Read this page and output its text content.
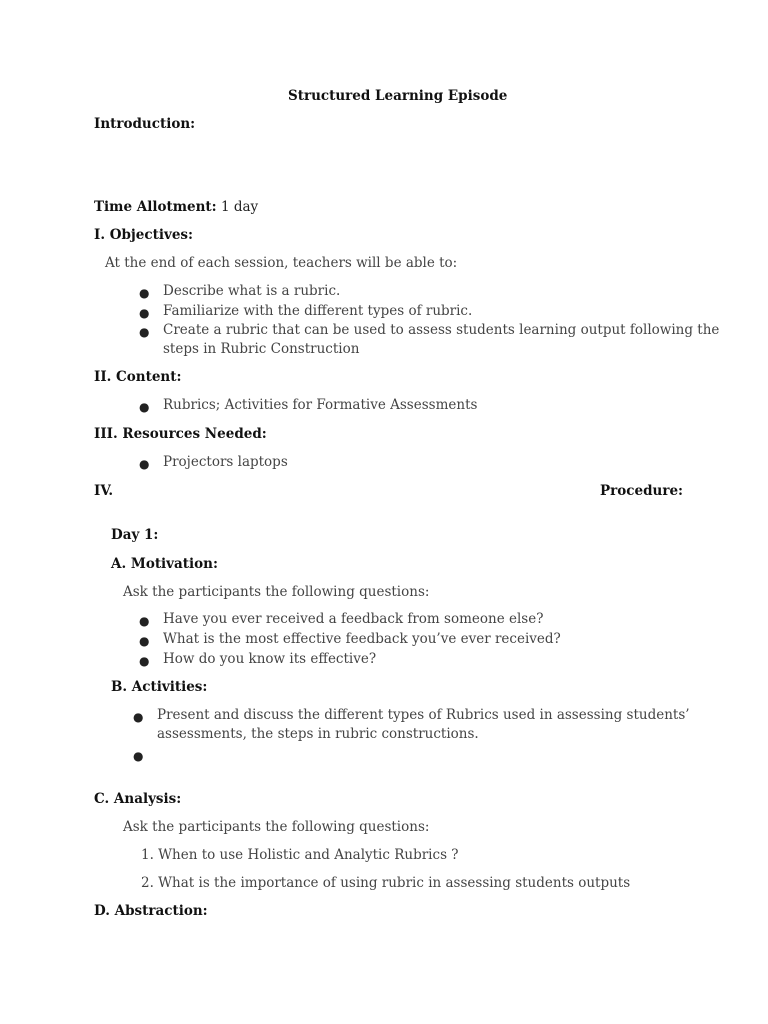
Structured Learning Episode
Introduction:
Time Allotment: 1 day
I. Objectives:
At the end of each session, teachers will be able to:
● Describe what is a rubric.
● Familiarize with the different types of rubric.
● Create a rubric that can be used to assess students learning output following the
steps in Rubric Construction
II. Content:
● Rubrics; Activities for Formative Assessments
III. Resources Needed:
● Projectors laptops
IV.	Procedure:
Day 1:
A. Motivation:
Ask the participants the following questions:
● Have you ever received a feedback from someone else?
● What is the most effective feedback you’ve ever received?
● How do you know its effective?
B. Activities:
● Present and discuss the different types of Rubrics used in assessing students’
assessments, the steps in rubric constructions.
●
C. Analysis:
Ask the participants the following questions:
1. When to use Holistic and Analytic Rubrics ?
2. What is the importance of using rubric in assessing students outputs
D. Abstraction:
